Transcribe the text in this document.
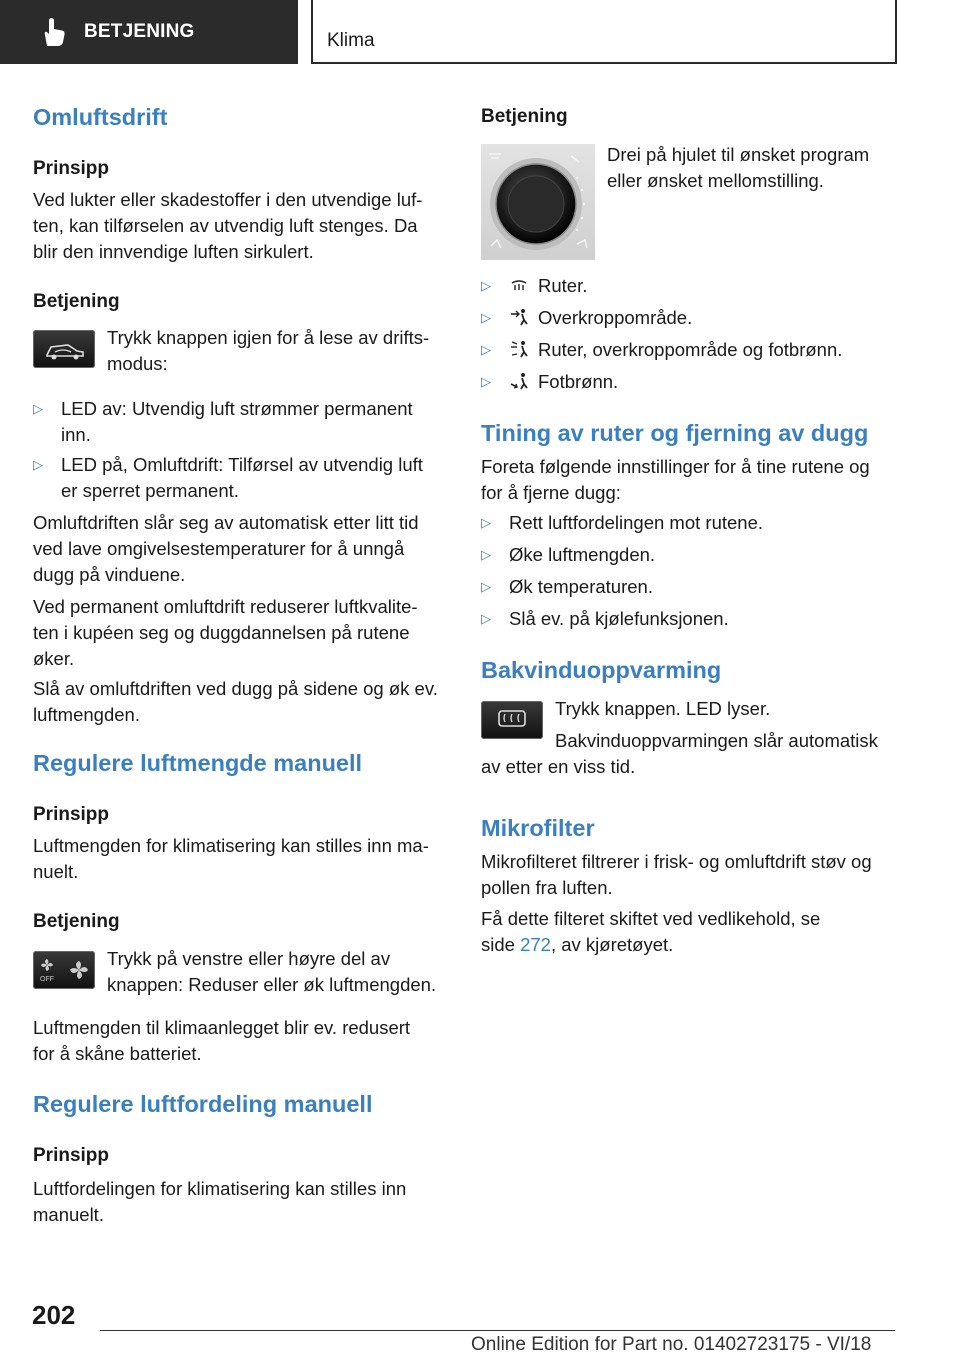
BETJENING	Klima
Omluftsdrift
Prinsipp
Ved lukter eller skadestoffer i den utvendige luf-
ten, kan tilførselen av utvendig luft stenges. Da
blir den innvendige luften sirkulert.
Betjening
Trykk knappen igjen for å lese av drifts-
modus:
▷ LED av: Utvendig luft strømmer permanent
inn.
▷ LED på, Omluftdrift: Tilførsel av utvendig luft
er sperret permanent.
Omluftdriften slår seg av automatisk etter litt tid
ved lave omgivelsestemperaturer for å unngå
dugg på vinduene.
Ved permanent omluftdrift reduserer luftkvalite-
ten i kupéen seg og duggdannelsen på rutene
øker.
Slå av omluftdriften ved dugg på sidene og øk ev.
luftmengden.
Regulere luftmengde manuell
Prinsipp
Luftmengden for klimatisering kan stilles inn ma-
nuelt.
Betjening
OFF
Trykk på venstre eller høyre del av
knappen: Reduser eller øk luftmengden.
Luftmengden til klimaanlegget blir ev. redusert
for å skåne batteriet.
Regulere luftfordeling manuell
Prinsipp
Luftfordelingen for klimatisering kan stilles inn
manuelt.
Betjening
Drei på hjulet til ønsket program
eller ønsket mellomstilling.
▷	Ruter.
▷	Overkroppområde.
▷	Ruter, overkroppområde og fotbrønn.
▷	Fotbrønn.
Tining av ruter og fjerning av dugg
Foreta følgende innstillinger for å tine rutene og
for å fjerne dugg:
▷ Rett luftfordelingen mot rutene.
▷ Øke luftmengden.
▷ Øk temperaturen.
▷ Slå ev. på kjølefunksjonen.
Bakvinduoppvarming
Trykk knappen. LED lyser.
Bakvinduoppvarmingen slår automatisk
av etter en viss tid.
Mikrofilter
Mikrofilteret filtrerer i frisk- og omluftdrift støv og
pollen fra luften.
Få dette filteret skiftet ved vedlikehold, se
side 272, av kjøretøyet.
202
Online Edition for Part no. 01402723175 - VI/18
